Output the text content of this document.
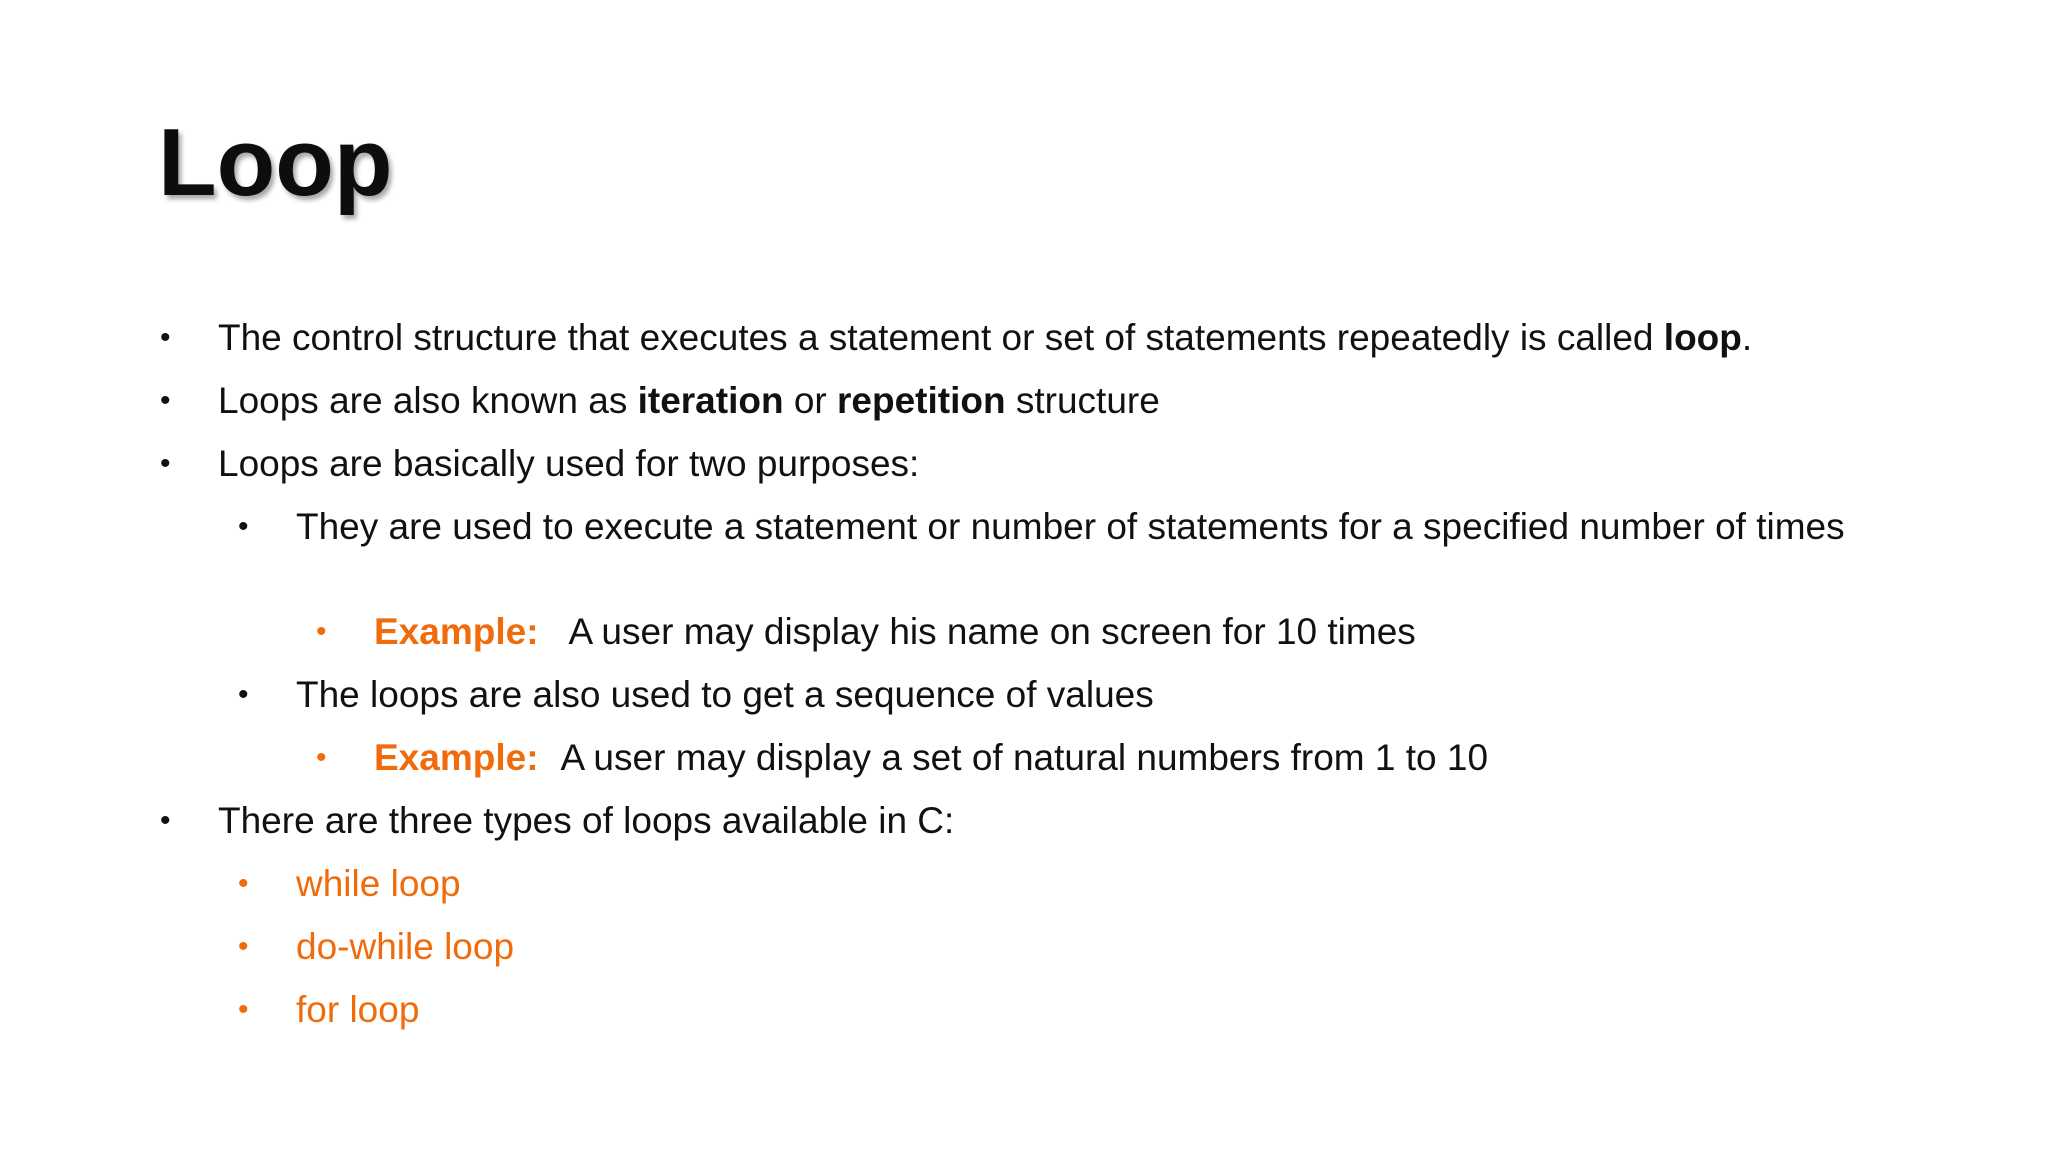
Loop
• The control structure that executes a statement or set of statements repeatedly is called loop.
• Loops are also known as iteration or repetition structure
• Loops are basically used for two purposes:
• They are used to execute a statement or number of statements for a specified number of times
• Example: A user may display his name on screen for 10 times
• The loops are also used to get a sequence of values
• Example: A user may display a set of natural numbers from 1 to 10
• There are three types of loops available in C:
• while loop
• do-while loop
• for loop
